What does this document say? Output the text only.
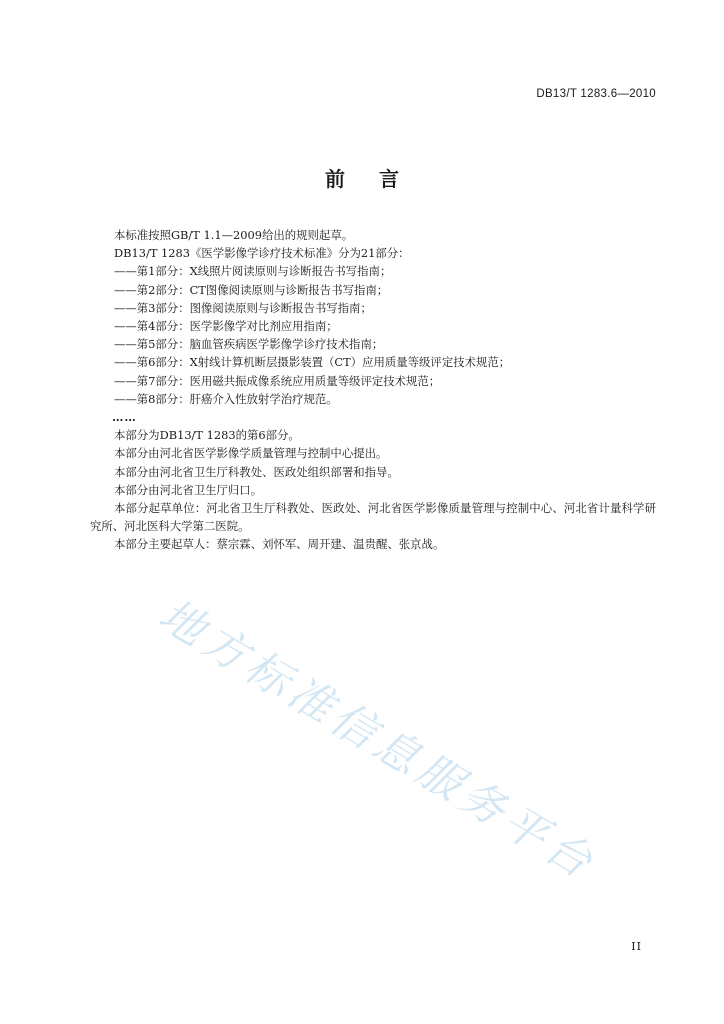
DB13/T 1283.6—2010
前言

本标准按照GB/T 1.1—2009给出的规则起草。

DB13/T 1283《医学影像学诊疗技术标准》分为21部分：

——第1部分：X线照片阅读原则与诊断报告书写指南；

——第2部分：CT图像阅读原则与诊断报告书写指南；

——第3部分：图像阅读原则与诊断报告书写指南；

——第4部分：医学影像学对比剂应用指南；

——第5部分：脑血管疾病医学影像学诊疗技术指南；

——第6部分：X射线计算机断层摄影装置（CT）应用质量等级评定技术规范；

——第7部分：医用磁共振成像系统应用质量等级评定技术规范；

——第8部分：肝癌介入性放射学治疗规范。

……

本部分为DB13/T 1283的第6部分。

本部分由河北省医学影像学质量管理与控制中心提出。

本部分由河北省卫生厅科教处、医政处组织部署和指导。

本部分由河北省卫生厅归口。

本部分起草单位：河北省卫生厅科教处、医政处、河北省医学影像质量管理与控制中心、河北省计量科学研究所、河北医科大学第二医院。

本部分主要起草人：蔡宗霖、刘怀军、周开建、温贵醒、张京战。

地方标准信息服务平台
II
